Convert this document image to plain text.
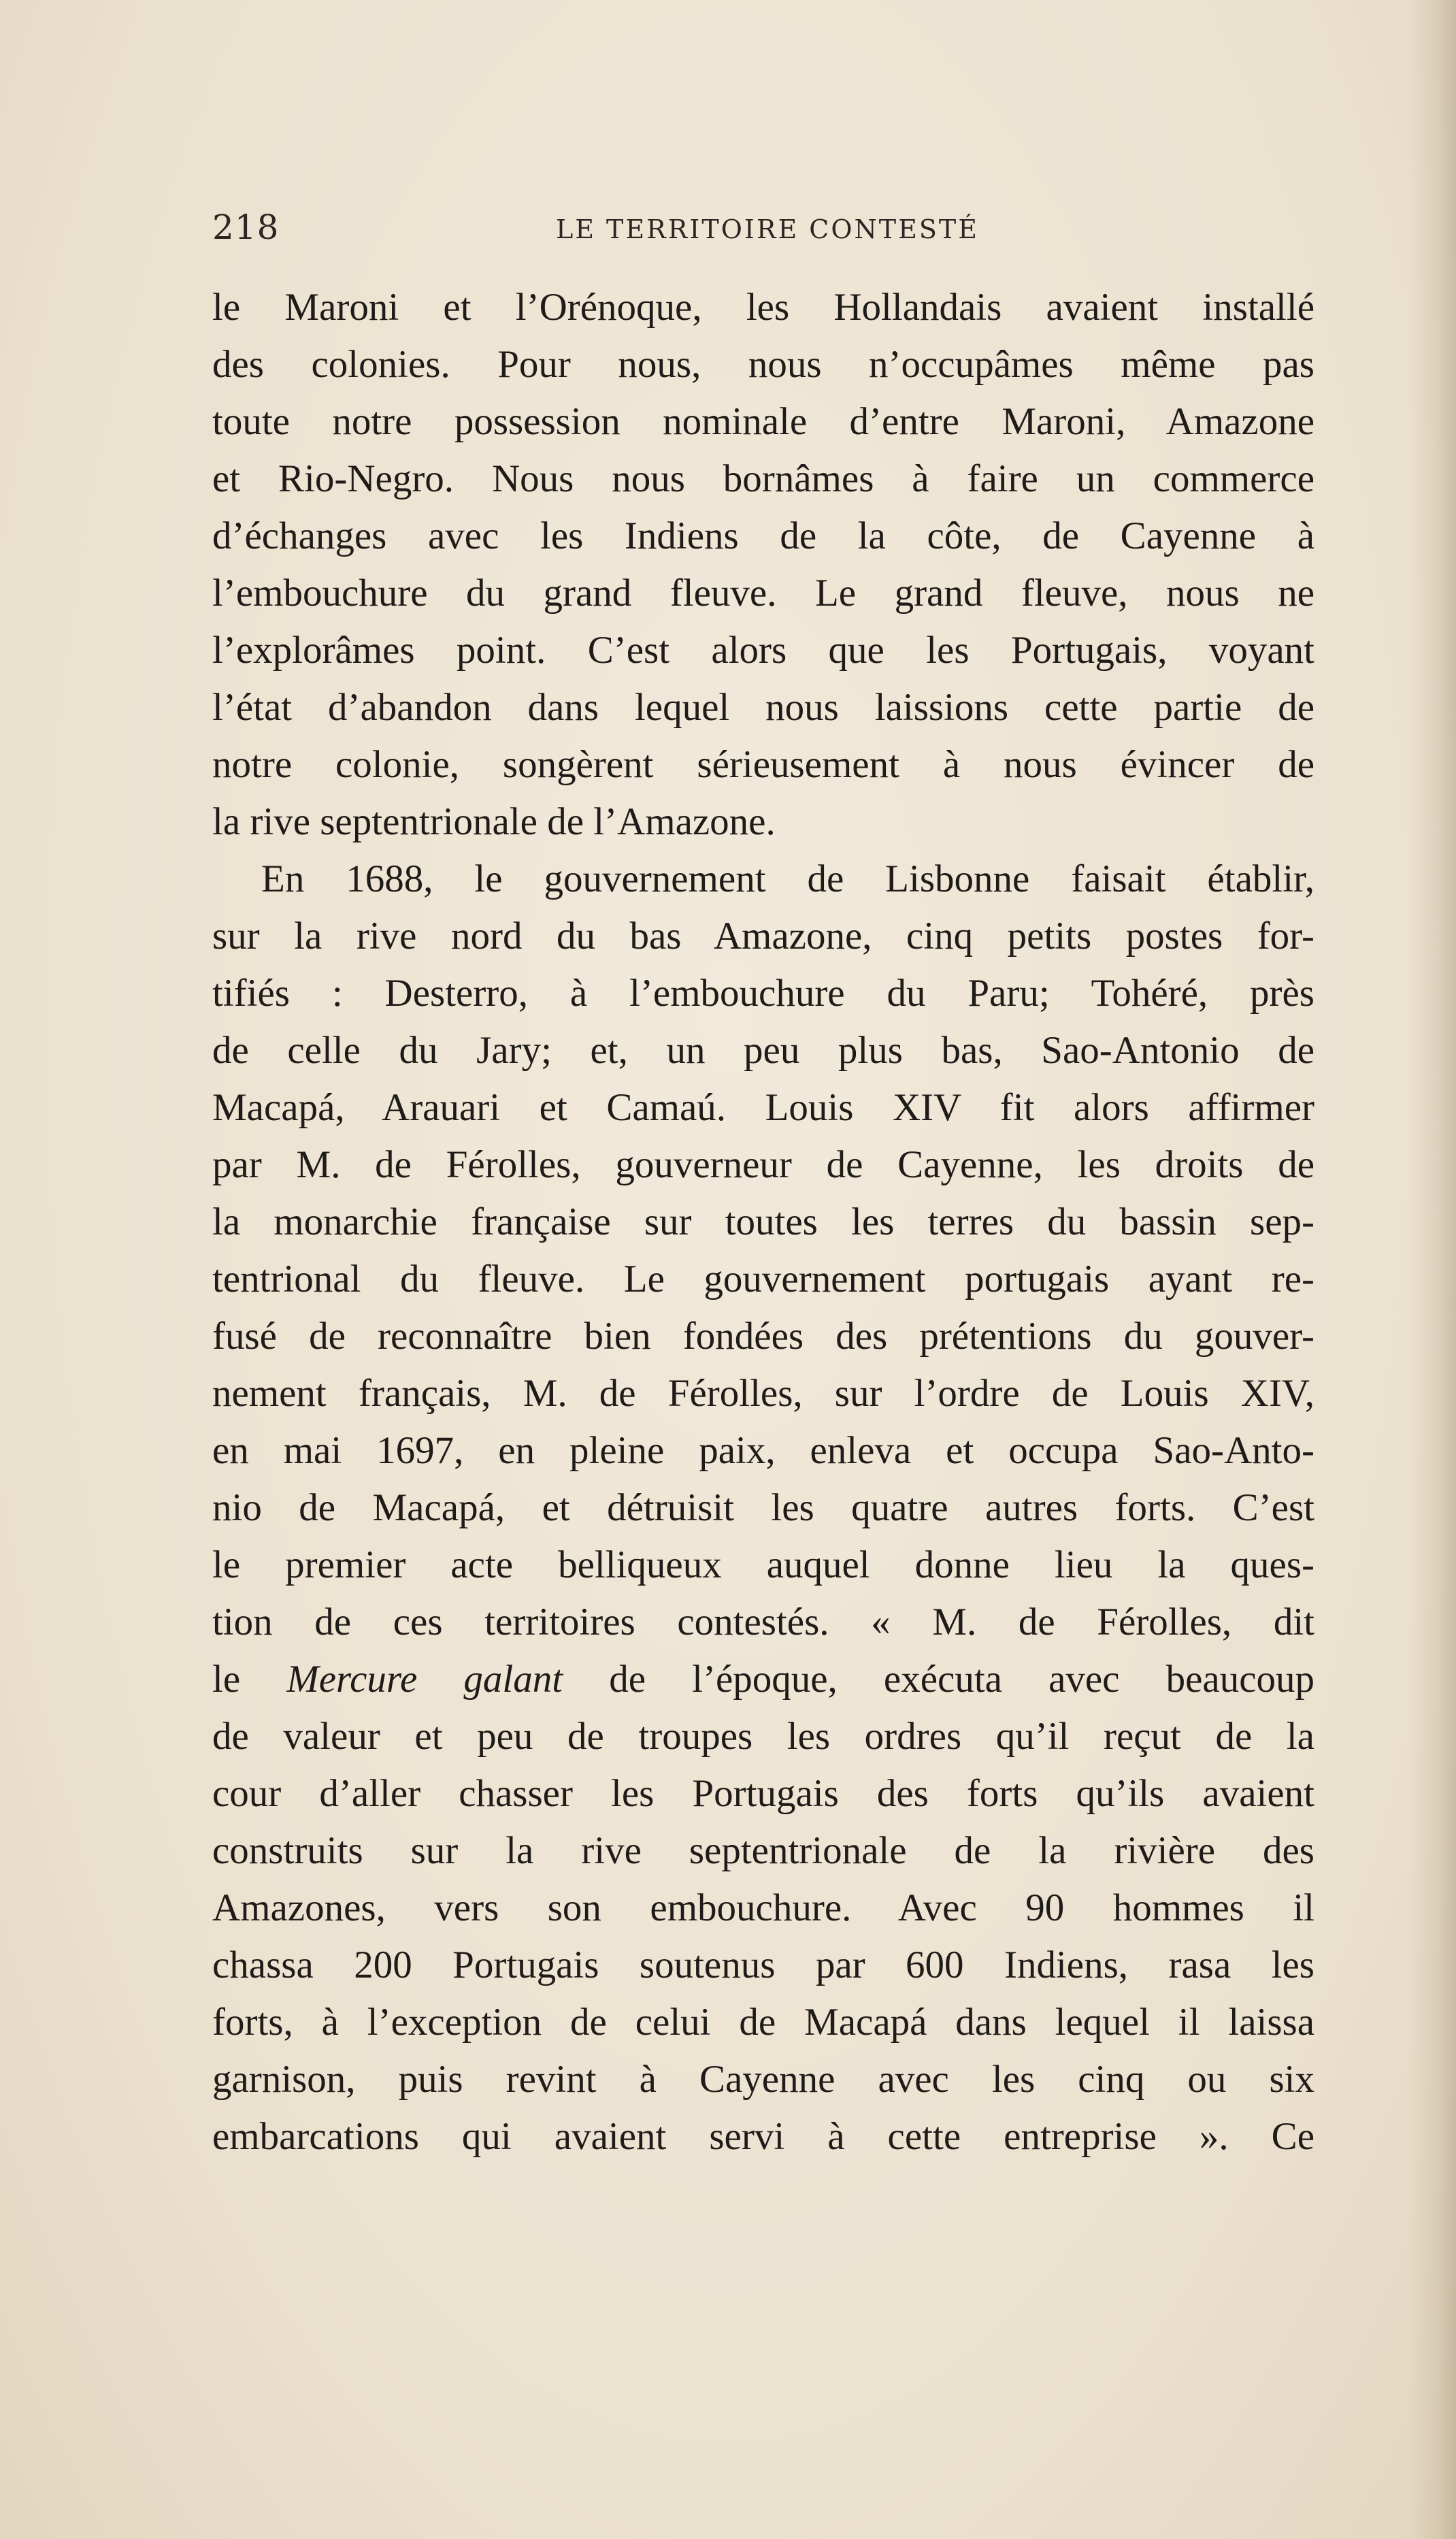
218	LE TERRITOIRE CONTESTÉ
le Maroni et l’Orénoque, les Hollandais avaient installé
des colonies. Pour nous, nous n’occupâmes même pas
toute notre possession nominale d’entre Maroni, Amazone
et Rio-Negro. Nous nous bornâmes à faire un commerce
d’échanges avec les Indiens de la côte, de Cayenne à
l’embouchure du grand fleuve. Le grand fleuve, nous ne
l’explorâmes point. C’est alors que les Portugais, voyant
l’état d’abandon dans lequel nous laissions cette partie de
notre colonie, songèrent sérieusement à nous évincer de
la rive septentrionale de l’Amazone.
En 1688, le gouvernement de Lisbonne faisait établir,
sur la rive nord du bas Amazone, cinq petits postes for-
tifiés : Desterro, à l’embouchure du Paru; Tohéré, près
de celle du Jary; et, un peu plus bas, Sao-Antonio de
Macapá, Arauari et Camaú. Louis XIV fit alors affirmer
par M. de Férolles, gouverneur de Cayenne, les droits de
la monarchie française sur toutes les terres du bassin sep-
tentrional du fleuve. Le gouvernement portugais ayant re-
fusé de reconnaître bien fondées des prétentions du gouver-
nement français, M. de Férolles, sur l’ordre de Louis XIV,
en mai 1697, en pleine paix, enleva et occupa Sao-Anto-
nio de Macapá, et détruisit les quatre autres forts. C’est
le premier acte belliqueux auquel donne lieu la ques-
tion de ces territoires contestés. « M. de Férolles, dit
le Mercure galant de l’époque, exécuta avec beaucoup
de valeur et peu de troupes les ordres qu’il reçut de la
cour d’aller chasser les Portugais des forts qu’ils avaient
construits sur la rive septentrionale de la rivière des
Amazones, vers son embouchure. Avec 90 hommes il
chassa 200 Portugais soutenus par 600 Indiens, rasa les
forts, à l’exception de celui de Macapá dans lequel il laissa
garnison, puis revint à Cayenne avec les cinq ou six
embarcations qui avaient servi à cette entreprise ». Ce
